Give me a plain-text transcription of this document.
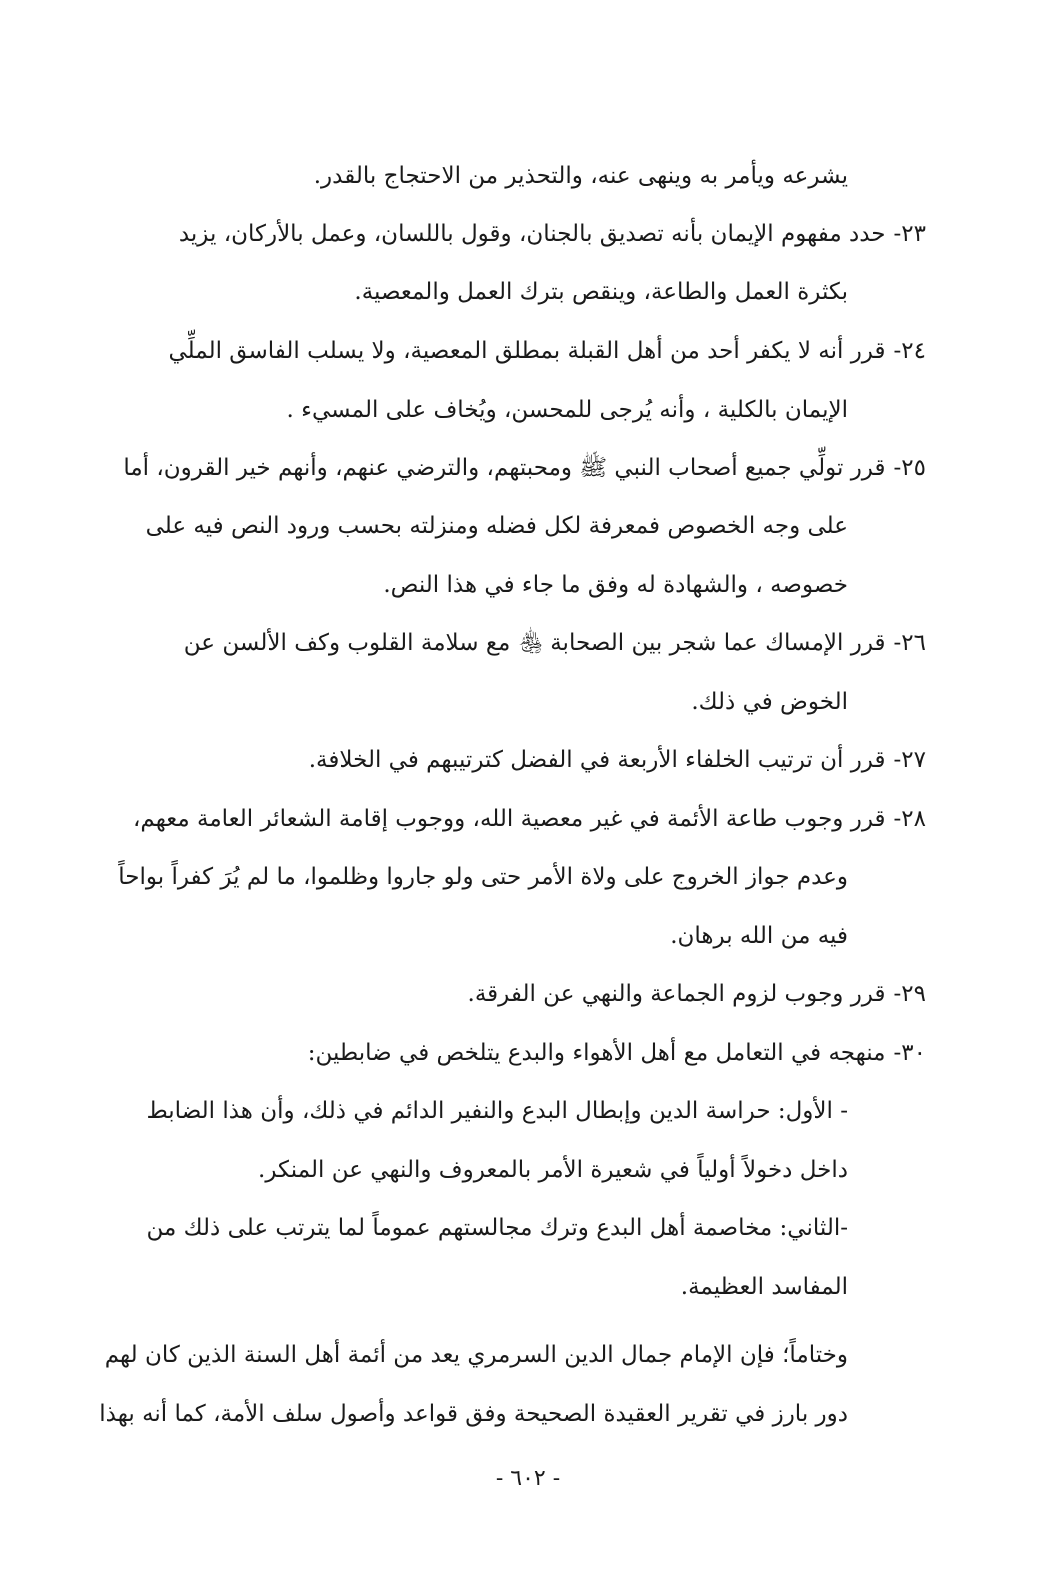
يشرعه ويأمر به وينهى عنه، والتحذير من الاحتجاج بالقدر.
٢٣-حدد مفهوم الإيمان بأنه تصديق بالجنان، وقول باللسان، وعمل بالأركان، يزيد
بكثرة العمل والطاعة، وينقص بترك العمل والمعصية.
٢٤-قرر أنه لا يكفر أحد من أهل القبلة بمطلق المعصية، ولا يسلب الفاسق الملِّي
الإيمان بالكلية ، وأنه يُرجى للمحسن، ويُخاف على المسيء .
٢٥-قرر تولِّي جميع أصحاب النبي ﷺ ومحبتهم، والترضي عنهم، وأنهم خير القرون، أما
على وجه الخصوص فمعرفة لكل فضله ومنزلته بحسب ورود النص فيه على
خصوصه ، والشهادة له وفق ما جاء في هذا النص.
٢٦-قرر الإمساك عما شجر بين الصحابة ﵃ مع سلامة القلوب وكف الألسن عن
الخوض في ذلك.
٢٧-قرر أن ترتيب الخلفاء الأربعة في الفضل كترتيبهم في الخلافة.
٢٨-قرر وجوب طاعة الأئمة في غير معصية الله، ووجوب إقامة الشعائر العامة معهم،
وعدم جواز الخروج على ولاة الأمر حتى ولو جاروا وظلموا، ما لم يُرَ كفراً بواحاً
فيه من الله برهان.
٢٩-قرر وجوب لزوم الجماعة والنهي عن الفرقة.
٣٠-منهجه في التعامل مع أهل الأهواء والبدع يتلخص في ضابطين:
- الأول: حراسة الدين وإبطال البدع والنفير الدائم في ذلك، وأن هذا الضابط
داخل دخولاً أولياً في شعيرة الأمر بالمعروف والنهي عن المنكر.
-الثاني: مخاصمة أهل البدع وترك مجالستهم عموماً لما يترتب على ذلك من
المفاسد العظيمة.
وختاماً؛ فإن الإمام جمال الدين السرمري يعد من أئمة أهل السنة الذين كان لهم
دور بارز في تقرير العقيدة الصحيحة وفق قواعد وأصول سلف الأمة، كما أنه بهذا
- ٦٠٢ -
